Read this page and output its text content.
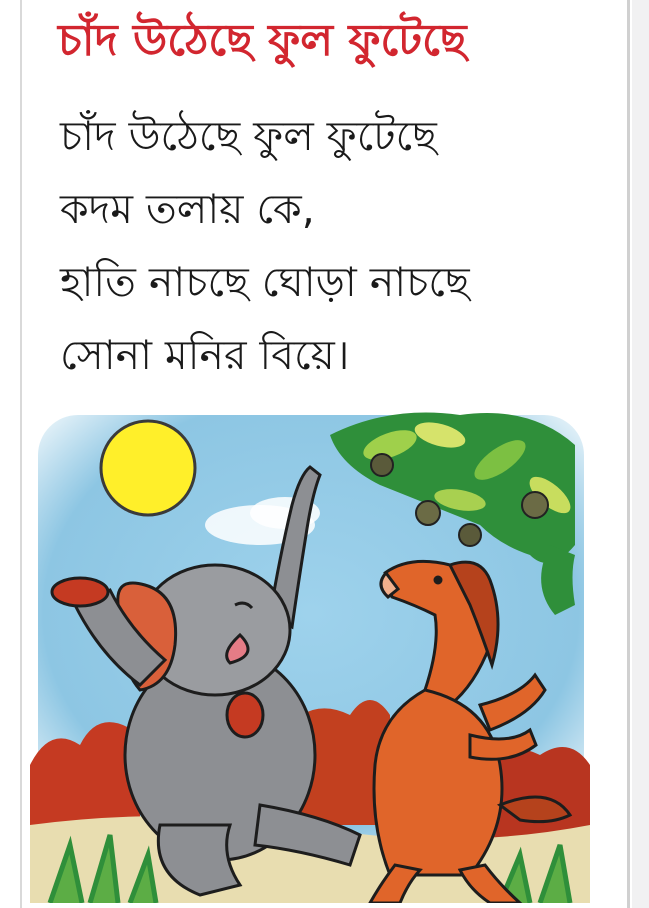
চাঁদ উঠেছে ফুল ফুটেছে
চাঁদ উঠেছে ফুল ফুটেছে
কদম তলায় কে,
হাতি নাচছে ঘোড়া নাচছে
সোনা মনির বিয়ে।
